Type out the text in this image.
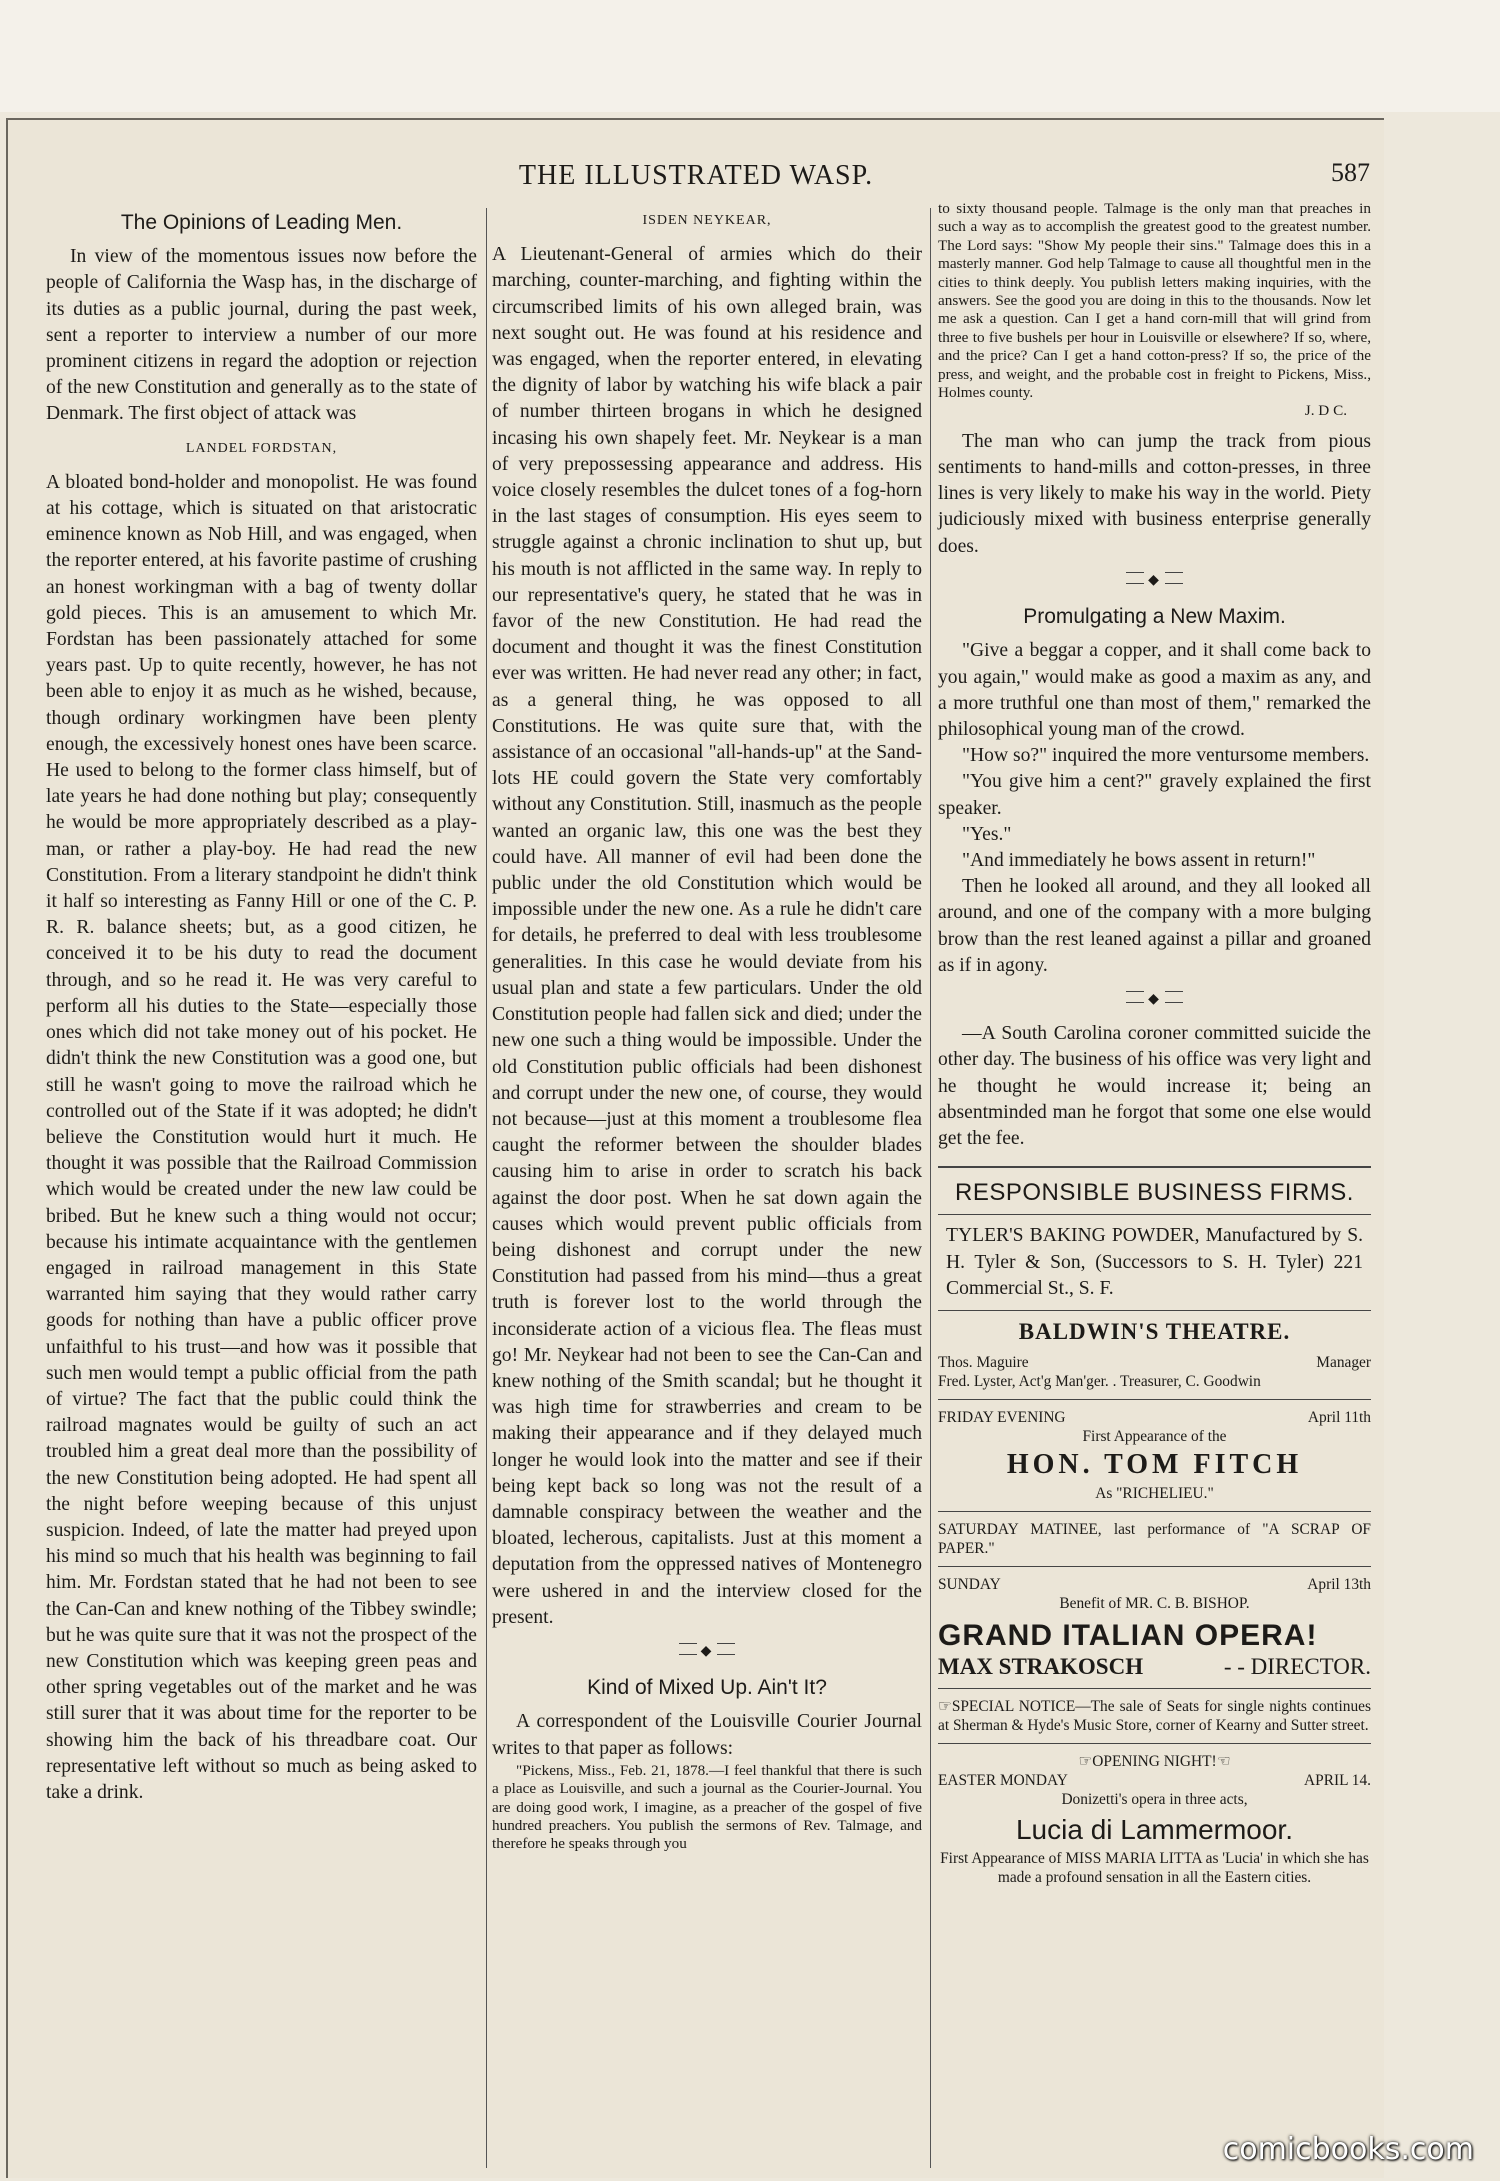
THE ILLUSTRATED WASP.	587
The Opinions of Leading Men.

In view of the momentous issues now before the people of California the Wasp has, in the discharge of its duties as a public journal, during the past week, sent a reporter to interview a number of our more prominent citizens in regard the adoption or rejection of the new Constitution and generally as to the state of Denmark. The first object of attack was

LANDEL FORDSTAN,

A bloated bond-holder and monopolist. He was found at his cottage, which is situated on that aristocratic eminence known as Nob Hill, and was engaged, when the reporter entered, at his favorite pastime of crushing an honest workingman with a bag of twenty dollar gold pieces. This is an amusement to which Mr. Fordstan has been passionately attached for some years past. Up to quite recently, however, he has not been able to enjoy it as much as he wished, because, though ordinary workingmen have been plenty enough, the excessively honest ones have been scarce. He used to belong to the former class himself, but of late years he had done nothing but play; consequently he would be more appropriately described as a play-man, or rather a play-boy. He had read the new Constitution. From a literary standpoint he didn't think it half so interesting as Fanny Hill or one of the C. P. R. R. balance sheets; but, as a good citizen, he conceived it to be his duty to read the document through, and so he read it. He was very careful to perform all his duties to the State—especially those ones which did not take money out of his pocket. He didn't think the new Constitution was a good one, but still he wasn't going to move the railroad which he controlled out of the State if it was adopted; he didn't believe the Constitution would hurt it much. He thought it was possible that the Railroad Commission which would be created under the new law could be bribed. But he knew such a thing would not occur; because his intimate acquaintance with the gentlemen engaged in railroad management in this State warranted him saying that they would rather carry goods for nothing than have a public officer prove unfaithful to his trust—and how was it possible that such men would tempt a public official from the path of virtue? The fact that the public could think the railroad magnates would be guilty of such an act troubled him a great deal more than the possibility of the new Constitution being adopted. He had spent all the night before weeping because of this unjust suspicion. Indeed, of late the matter had preyed upon his mind so much that his health was beginning to fail him. Mr. Fordstan stated that he had not been to see the Can-Can and knew nothing of the Tibbey swindle; but he was quite sure that it was not the prospect of the new Constitution which was keeping green peas and other spring vegetables out of the market and he was still surer that it was about time for the reporter to be showing him the back of his threadbare coat. Our representative left without so much as being asked to take a drink.

ISDEN NEYKEAR,

A Lieutenant-General of armies which do their marching, counter-marching, and fighting within the circumscribed limits of his own alleged brain, was next sought out. He was found at his residence and was engaged, when the reporter entered, in elevating the dignity of labor by watching his wife black a pair of number thirteen brogans in which he designed incasing his own shapely feet. Mr. Neykear is a man of very prepossessing appearance and address. His voice closely resembles the dulcet tones of a fog-horn in the last stages of consumption. His eyes seem to struggle against a chronic inclination to shut up, but his mouth is not afflicted in the same way. In reply to our representative's query, he stated that he was in favor of the new Constitution. He had read the document and thought it was the finest Constitution ever was written. He had never read any other; in fact, as a general thing, he was opposed to all Constitutions. He was quite sure that, with the assistance of an occasional "all-hands-up" at the Sand-lots HE could govern the State very comfortably without any Constitution. Still, inasmuch as the people wanted an organic law, this one was the best they could have. All manner of evil had been done the public under the old Constitution which would be impossible under the new one. As a rule he didn't care for details, he preferred to deal with less troublesome generalities. In this case he would deviate from his usual plan and state a few particulars. Under the old Constitution people had fallen sick and died; under the new one such a thing would be impossible. Under the old Constitution public officials had been dishonest and corrupt under the new one, of course, they would not because—just at this moment a troublesome flea caught the reformer between the shoulder blades causing him to arise in order to scratch his back against the door post. When he sat down again the causes which would prevent public officials from being dishonest and corrupt under the new Constitution had passed from his mind—thus a great truth is forever lost to the world through the inconsiderate action of a vicious flea. The fleas must go! Mr. Neykear had not been to see the Can-Can and knew nothing of the Smith scandal; but he thought it was high time for strawberries and cream to be making their appearance and if they delayed much longer he would look into the matter and see if their being kept back so long was not the result of a damnable conspiracy between the weather and the bloated, lecherous, capitalists. Just at this moment a deputation from the oppressed natives of Montenegro were ushered in and the interview closed for the present.

◆
Kind of Mixed Up. Ain't It?

A correspondent of the Louisville Courier Journal writes to that paper as follows:

"Pickens, Miss., Feb. 21, 1878.—I feel thankful that there is such a place as Louisville, and such a journal as the Courier-Journal. You are doing good work, I imagine, as a preacher of the gospel of five hundred preachers. You publish the sermons of Rev. Talmage, and therefore he speaks through you

to sixty thousand people. Talmage is the only man that preaches in such a way as to accomplish the greatest good to the greatest number. The Lord says: "Show My people their sins." Talmage does this in a masterly manner. God help Talmage to cause all thoughtful men in the cities to think deeply. You publish letters making inquiries, with the answers. See the good you are doing in this to the thousands. Now let me ask a question. Can I get a hand corn-mill that will grind from three to five bushels per hour in Louisville or elsewhere? If so, where, and the price? Can I get a hand cotton-press? If so, the price of the press, and weight, and the probable cost in freight to Pickens, Miss., Holmes county.

J. D C.

The man who can jump the track from pious sentiments to hand-mills and cotton-presses, in three lines is very likely to make his way in the world. Piety judiciously mixed with business enterprise generally does.

◆
Promulgating a New Maxim.

"Give a beggar a copper, and it shall come back to you again," would make as good a maxim as any, and a more truthful one than most of them," remarked the philosophical young man of the crowd.

"How so?" inquired the more ventursome members.

"You give him a cent?" gravely explained the first speaker.

"Yes."

"And immediately he bows assent in return!"

Then he looked all around, and they all looked all around, and one of the company with a more bulging brow than the rest leaned against a pillar and groaned as if in agony.

◆

—A South Carolina coroner committed suicide the other day. The business of his office was very light and he thought he would increase it; being an absentminded man he forgot that some one else would get the fee.

RESPONSIBLE BUSINESS FIRMS.

TYLER'S BAKING POWDER, Manufactured by S. H. Tyler & Son, (Successors to S. H. Tyler) 221 Commercial St., S. F.

BALDWIN'S THEATRE.
Thos. Maguire	Manager
Fred. Lyster, Act'g Man'ger. . Treasurer, C. Goodwin
FRIDAY EVENING	April 11th
First Appearance of the
HON. TOM FITCH
As "RICHELIEU."
SATURDAY MATINEE, last performance of "A SCRAP OF PAPER."
SUNDAY	April 13th
Benefit of MR. C. B. BISHOP.
GRAND ITALIAN OPERA!
MAX STRAKOSCH	- - DIRECTOR.
☞SPECIAL NOTICE—The sale of Seats for single nights continues at Sherman & Hyde's Music Store, corner of Kearny and Sutter street.
☞OPENING NIGHT!☜
EASTER MONDAY	APRIL 14.
Donizetti's opera in three acts,
Lucia di Lammermoor.
First Appearance of MISS MARIA LITTA as 'Lucia' in which she has made a profound sensation in all the Eastern cities.
comicbooks.com
